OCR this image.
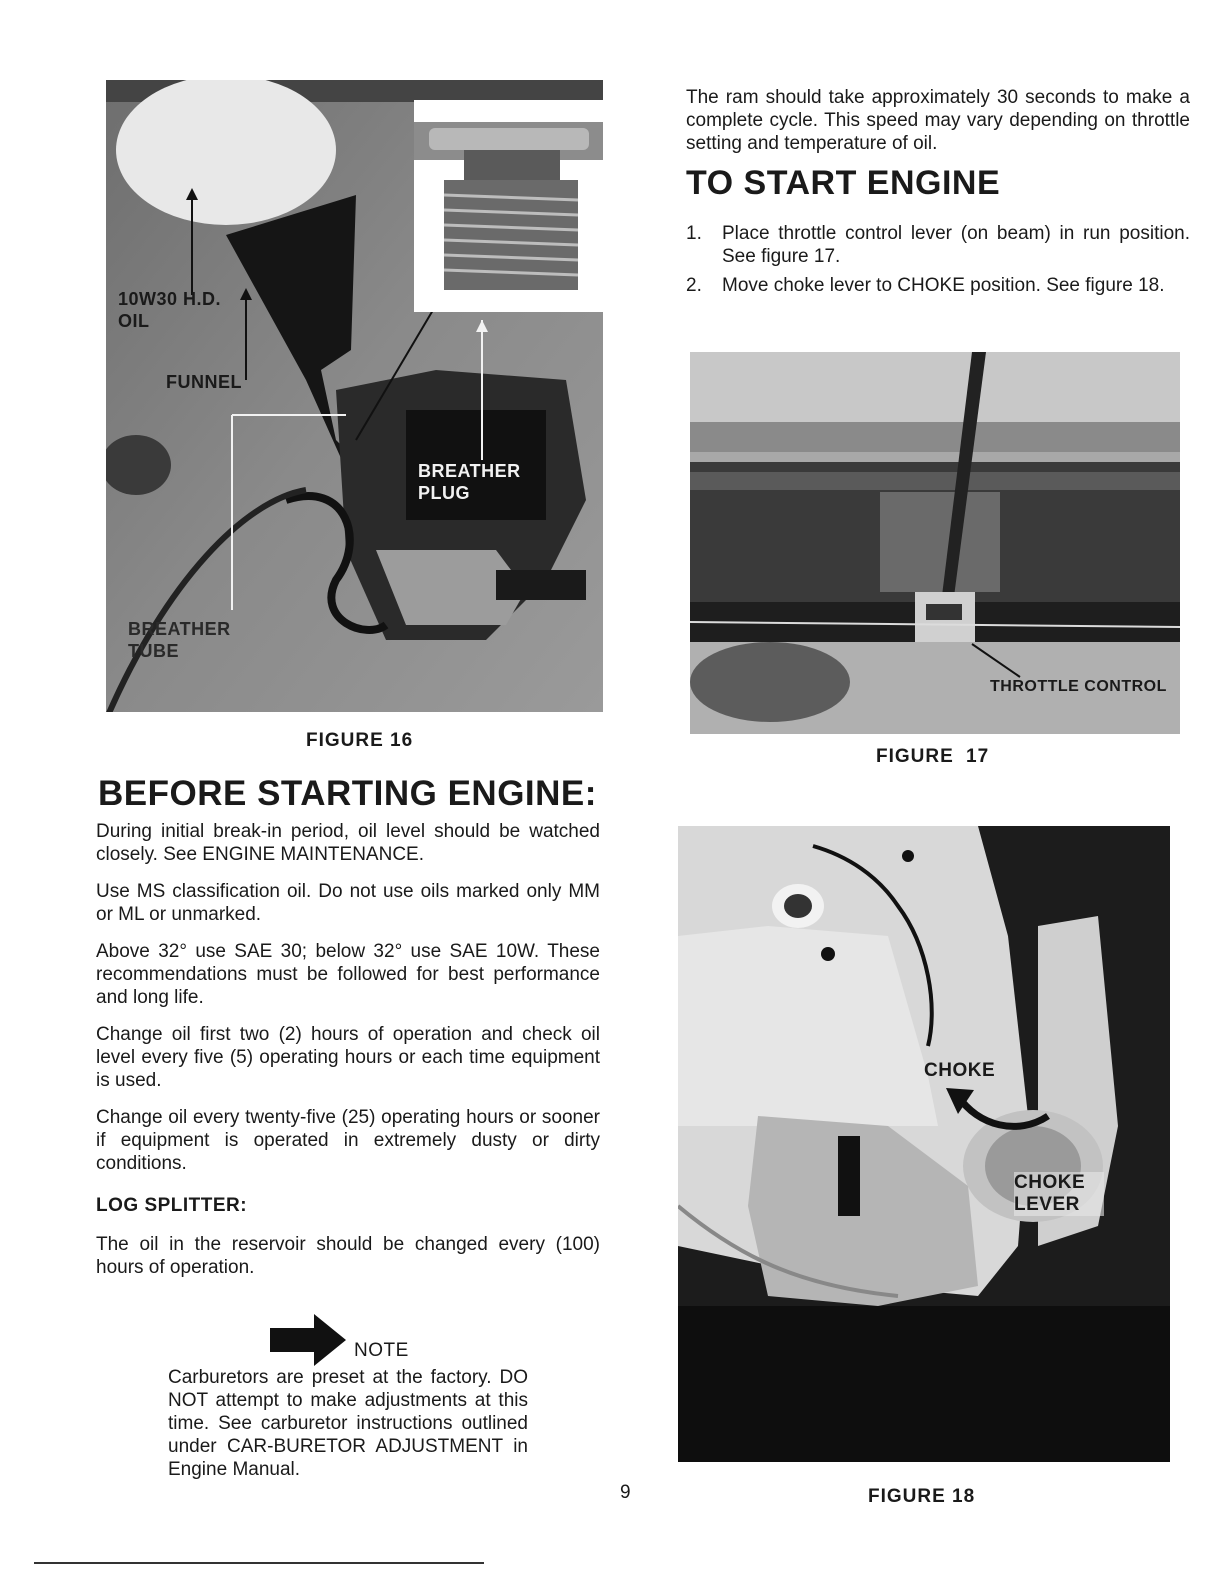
10W30 H.D. OIL
FUNNEL
BREATHER PLUG
BREATHER TUBE
FIGURE 16
BEFORE STARTING ENGINE:

During initial break-in period, oil level should be watched closely. See ENGINE MAINTENANCE.

Use MS classification oil. Do not use oils marked only MM or ML or unmarked.

Above 32° use SAE 30; below 32° use SAE 10W. These recommendations must be followed for best performance and long life.

Change oil first two (2) hours of operation and check oil level every five (5) operating hours or each time equipment is used.

Change oil every twenty-five (25) operating hours or sooner if equipment is operated in extremely dusty or dirty conditions.

LOG SPLITTER:

The oil in the reservoir should be changed every (100) hours of operation.

NOTE
Carburetors are preset at the factory. DO NOT attempt to make adjustments at this time. See carburetor instructions outlined under CAR-BURETOR ADJUSTMENT in Engine Manual.
9
The ram should take approximately 30 seconds to make a complete cycle. This speed may vary depending on throttle setting and temperature of oil.
TO START ENGINE
1. Place throttle control lever (on beam) in run position. See figure 17.
2. Move choke lever to CHOKE position. See figure 18.
THROTTLE CONTROL
FIGURE 17
CHOKE
CHOKE LEVER
FIGURE 18
